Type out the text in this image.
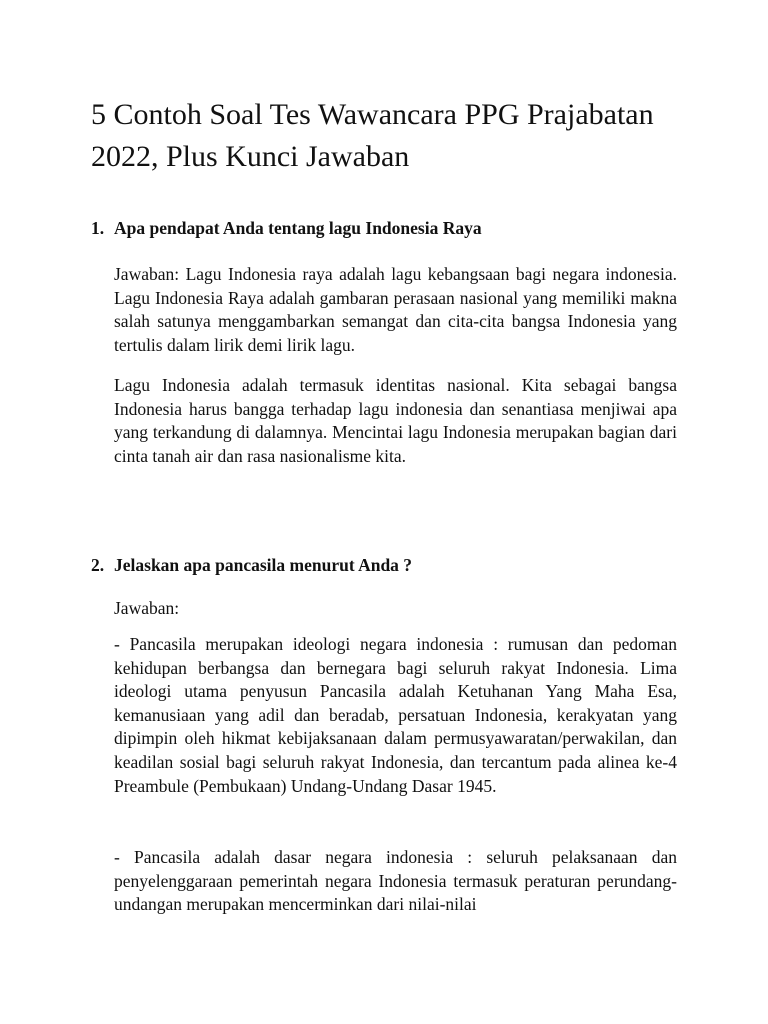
5 Contoh Soal Tes Wawancara PPG Prajabatan 2022, Plus Kunci Jawaban
1. Apa pendapat Anda tentang lagu Indonesia Raya

Jawaban: Lagu Indonesia raya adalah lagu kebangsaan bagi negara indonesia. Lagu Indonesia Raya adalah gambaran perasaan nasional yang memiliki makna salah satunya menggambarkan semangat dan cita-cita bangsa Indonesia yang tertulis dalam lirik demi lirik lagu.

Lagu Indonesia adalah termasuk identitas nasional. Kita sebagai bangsa Indonesia harus bangga terhadap lagu indonesia dan senantiasa menjiwai apa yang terkandung di dalamnya. Mencintai lagu Indonesia merupakan bagian dari cinta tanah air dan rasa nasionalisme kita.

2. Jelaskan apa pancasila menurut Anda ?

Jawaban:

- Pancasila merupakan ideologi negara indonesia : rumusan dan pedoman kehidupan berbangsa dan bernegara bagi seluruh rakyat Indonesia. Lima ideologi utama penyusun Pancasila adalah Ketuhanan Yang Maha Esa, kemanusiaan yang adil dan beradab, persatuan Indonesia, kerakyatan yang dipimpin oleh hikmat kebijaksanaan dalam permusyawaratan/perwakilan, dan keadilan sosial bagi seluruh rakyat Indonesia, dan tercantum pada alinea ke-4 Preambule (Pembukaan) Undang-Undang Dasar 1945.

- Pancasila adalah dasar negara indonesia : seluruh pelaksanaan dan penyelenggaraan pemerintah negara Indonesia termasuk peraturan perundang- undangan merupakan mencerminkan dari nilai-nilai
